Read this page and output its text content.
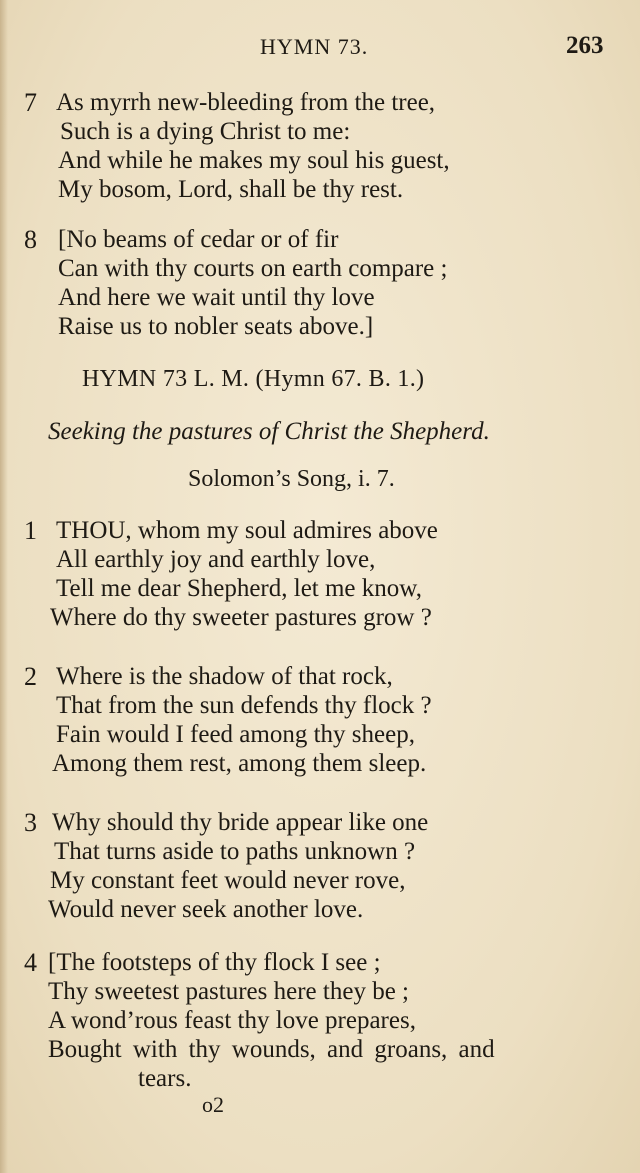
HYMN 73.	263
7 As myrrh new-bleeding from the tree,
Such is a dying Christ to me:
And while he makes my soul his guest,
My bosom, Lord, shall be thy rest.
8 [No beams of cedar or of fir
Can with thy courts on earth compare ;
And here we wait until thy love
Raise us to nobler seats above.]
HYMN 73 L. M. (Hymn 67. B. 1.)
Seeking the pastures of Christ the Shepherd.
Solomon’s Song, i. 7.
1 THOU, whom my soul admires above
All earthly joy and earthly love,
Tell me dear Shepherd, let me know,
Where do thy sweeter pastures grow ?
2 Where is the shadow of that rock,
That from the sun defends thy flock ?
Fain would I feed among thy sheep,
Among them rest, among them sleep.
3 Why should thy bride appear like one
That turns aside to paths unknown ?
My constant feet would never rove,
Would never seek another love.
4 [The footsteps of thy flock I see ;
Thy sweetest pastures here they be ;
A wond’rous feast thy love prepares,
Bought with thy wounds, and groans, and
tears.
o2
